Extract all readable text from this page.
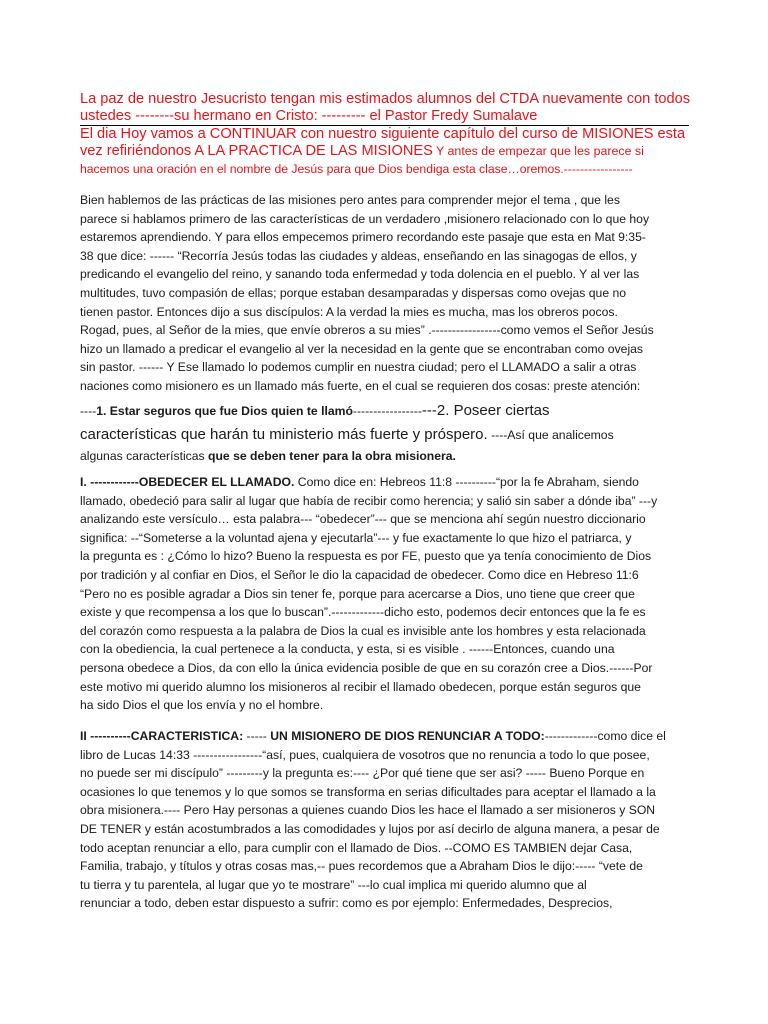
La paz de nuestro Jesucristo tengan mis estimados alumnos del CTDA nuevamente con todos
ustedes --------su hermano en Cristo: --------- el Pastor Fredy Sumalave
El dia Hoy vamos a CONTINUAR con nuestro siguiente capítulo del curso de MISIONES esta
vez refiriéndonos A LA PRACTICA DE LAS MISIONES Y antes de empezar que les parece si
hacemos una oración en el nombre de Jesús para que Dios bendiga esta clase…oremos.-----------------
Bien hablemos de las prácticas de las misiones pero antes para comprender mejor el tema , que les
parece si hablamos primero de las características de un verdadero ,misionero relacionado con lo que hoy
estaremos aprendiendo. Y para ellos empecemos primero recordando este pasaje que esta en Mat 9:35-
38 que dice: ------ “Recorría Jesús todas las ciudades y aldeas, enseñando en las sinagogas de ellos, y
predicando el evangelio del reino, y sanando toda enfermedad y toda dolencia en el pueblo. Y al ver las
multitudes, tuvo compasión de ellas; porque estaban desamparadas y dispersas como ovejas que no
tienen pastor. Entonces dijo a sus discípulos: A la verdad la mies es mucha, mas los obreros pocos.
Rogad, pues, al Señor de la mies, que envíe obreros a su mies” .-----------------como vemos el Señor Jesús
hizo un llamado a predicar el evangelio al ver la necesidad en la gente que se encontraban como ovejas
sin pastor. ------ Y Ese llamado lo podemos cumplir en nuestra ciudad; pero el LLAMADO a salir a otras
naciones como misionero es un llamado más fuerte, en el cual se requieren dos cosas: preste atención:
----1. Estar seguros que fue Dios quien te llamó--------------------2. Poseer ciertas
características que harán tu ministerio más fuerte y próspero. ----Así que analicemos
algunas características que se deben tener para la obra misionera.
I. ------------OBEDECER EL LLAMADO. Como dice en: Hebreos 11:8 ----------“por la fe Abraham, siendo
llamado, obedeció para salir al lugar que había de recibir como herencia; y salió sin saber a dónde iba” ---y
analizando este versículo… esta palabra--- “obedecer”--- que se menciona ahí según nuestro diccionario
significa: --“Someterse a la voluntad ajena y ejecutarla”--- y fue exactamente lo que hizo el patriarca, y
la pregunta es : ¿Cómo lo hizo? Bueno la respuesta es por FE, puesto que ya tenía conocimiento de Dios
por tradición y al confiar en Dios, el Señor le dio la capacidad de obedecer. Como dice en Hebreso 11:6
“Pero no es posible agradar a Dios sin tener fe, porque para acercarse a Dios, uno tiene que creer que
existe y que recompensa a los que lo buscan”.-------------dicho esto, podemos decir entonces que la fe es
del corazón como respuesta a la palabra de Dios la cual es invisible ante los hombres y esta relacionada
con la obediencia, la cual pertenece a la conducta, y esta, si es visible . ------Entonces, cuando una
persona obedece a Dios, da con ello la única evidencia posible de que en su corazón cree a Dios.------Por
este motivo mi querido alumno los misioneros al recibir el llamado obedecen, porque están seguros que
ha sido Dios el que los envía y no el hombre.
II ----------CARACTERISTICA: ----- UN MISIONERO DE DIOS RENUNCIAR A TODO:-------------como dice el
libro de Lucas 14:33 -----------------“así, pues, cualquiera de vosotros que no renuncia a todo lo que posee,
no puede ser mi discípulo” ---------y la pregunta es:---- ¿Por qué tiene que ser asi? ----- Bueno Porque en
ocasiones lo que tenemos y lo que somos se transforma en serias dificultades para aceptar el llamado a la
obra misionera.---- Pero Hay personas a quienes cuando Dios les hace el llamado a ser misioneros y SON
DE TENER y están acostumbrados a las comodidades y lujos por así decirlo de alguna manera, a pesar de
todo aceptan renunciar a ello, para cumplir con el llamado de Dios. --COMO ES TAMBIEN dejar Casa,
Familia, trabajo, y títulos y otras cosas mas,-- pues recordemos que a Abraham Dios le dijo:----- “vete de
tu tierra y tu parentela, al lugar que yo te mostrare” ---lo cual implica mi querido alumno que al
renunciar a todo, deben estar dispuesto a sufrir: como es por ejemplo: Enfermedades, Desprecios,
